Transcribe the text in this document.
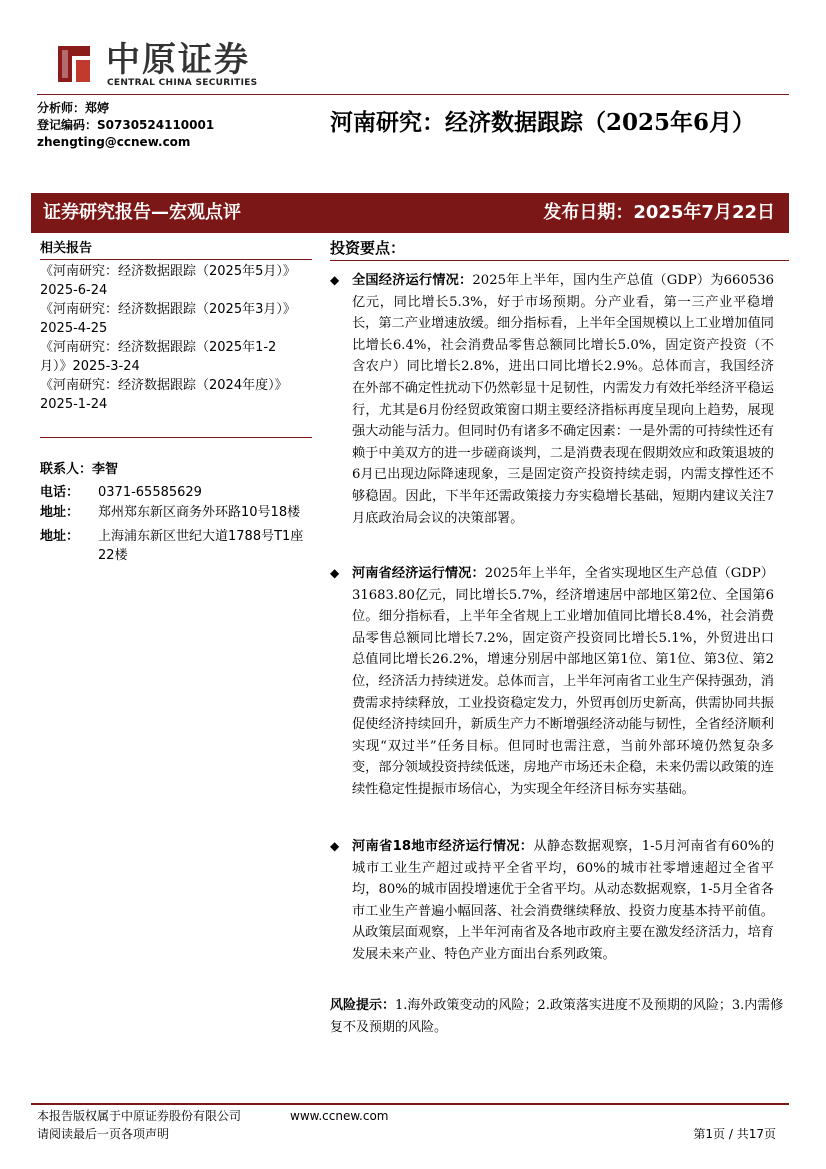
中原证券
CENTRAL CHINA SECURITIES
分析师：郑婷
登记编码：S0730524110001
zhengting@ccnew.com
河南研究：经济数据跟踪（2025年6月）
证券研究报告—宏观点评	发布日期：2025年7月22日
相关报告
《河南研究：经济数据跟踪（2025年5月）》
2025-6-24
《河南研究：经济数据跟踪（2025年3月）》
2025-4-25
《河南研究：经济数据跟踪（2025年1-2
月）》2025-3-24
《河南研究：经济数据跟踪（2024年度）》
2025-1-24
联系人：李智
电话： 0371-65585629
地址： 郑州郑东新区商务外环路10号18楼
地址：	上海浦东新区世纪大道1788号T1座22楼
投资要点：
◆ 全国经济运行情况：2025年上半年，国内生产总值（GDP）为660536亿元，同比增长5.3%，好于市场预期。分产业看，第一三产业平稳增长，第二产业增速放缓。细分指标看，上半年全国规模以上工业增加值同比增长6.4%，社会消费品零售总额同比增长5.0%，固定资产投资（不含农户）同比增长2.8%，进出口同比增长2.9%。总体而言，我国经济在外部不确定性扰动下仍然彰显十足韧性，内需发力有效托举经济平稳运行，尤其是6月份经贸政策窗口期主要经济指标再度呈现向上趋势，展现强大动能与活力。但同时仍有诸多不确定因素：一是外需的可持续性还有赖于中美双方的进一步磋商谈判，二是消费表现在假期效应和政策退坡的6月已出现边际降速现象，三是固定资产投资持续走弱，内需支撑性还不够稳固。因此，下半年还需政策接力夯实稳增长基础，短期内建议关注7月底政治局会议的决策部署。
◆ 河南省经济运行情况：2025年上半年，全省实现地区生产总值（GDP）31683.80亿元，同比增长5.7%，经济增速居中部地区第2位、全国第6位。细分指标看，上半年全省规上工业增加值同比增长8.4%，社会消费品零售总额同比增长7.2%，固定资产投资同比增长5.1%，外贸进出口总值同比增长26.2%，增速分别居中部地区第1位、第1位、第3位、第2位，经济活力持续迸发。总体而言，上半年河南省工业生产保持强劲，消费需求持续释放，工业投资稳定发力，外贸再创历史新高，供需协同共振促使经济持续回升，新质生产力不断增强经济动能与韧性，全省经济顺利实现“双过半”任务目标。但同时也需注意，当前外部环境仍然复杂多变，部分领域投资持续低迷，房地产市场还未企稳，未来仍需以政策的连续性稳定性提振市场信心，为实现全年经济目标夯实基础。
◆ 河南省18地市经济运行情况：从静态数据观察，1-5月河南省有60%的城市工业生产超过或持平全省平均，60%的城市社零增速超过全省平均，80%的城市固投增速优于全省平均。从动态数据观察，1-5月全省各市工业生产普遍小幅回落、社会消费继续释放、投资力度基本持平前值。从政策层面观察，上半年河南省及各地市政府主要在激发经济活力，培育发展未来产业、特色产业方面出台系列政策。
风险提示：1.海外政策变动的风险；2.政策落实进度不及预期的风险；3.内需修复不及预期的风险。
本报告版权属于中原证券股份有限公司	www.ccnew.com
请阅读最后一页各项声明	第1页 / 共17页
